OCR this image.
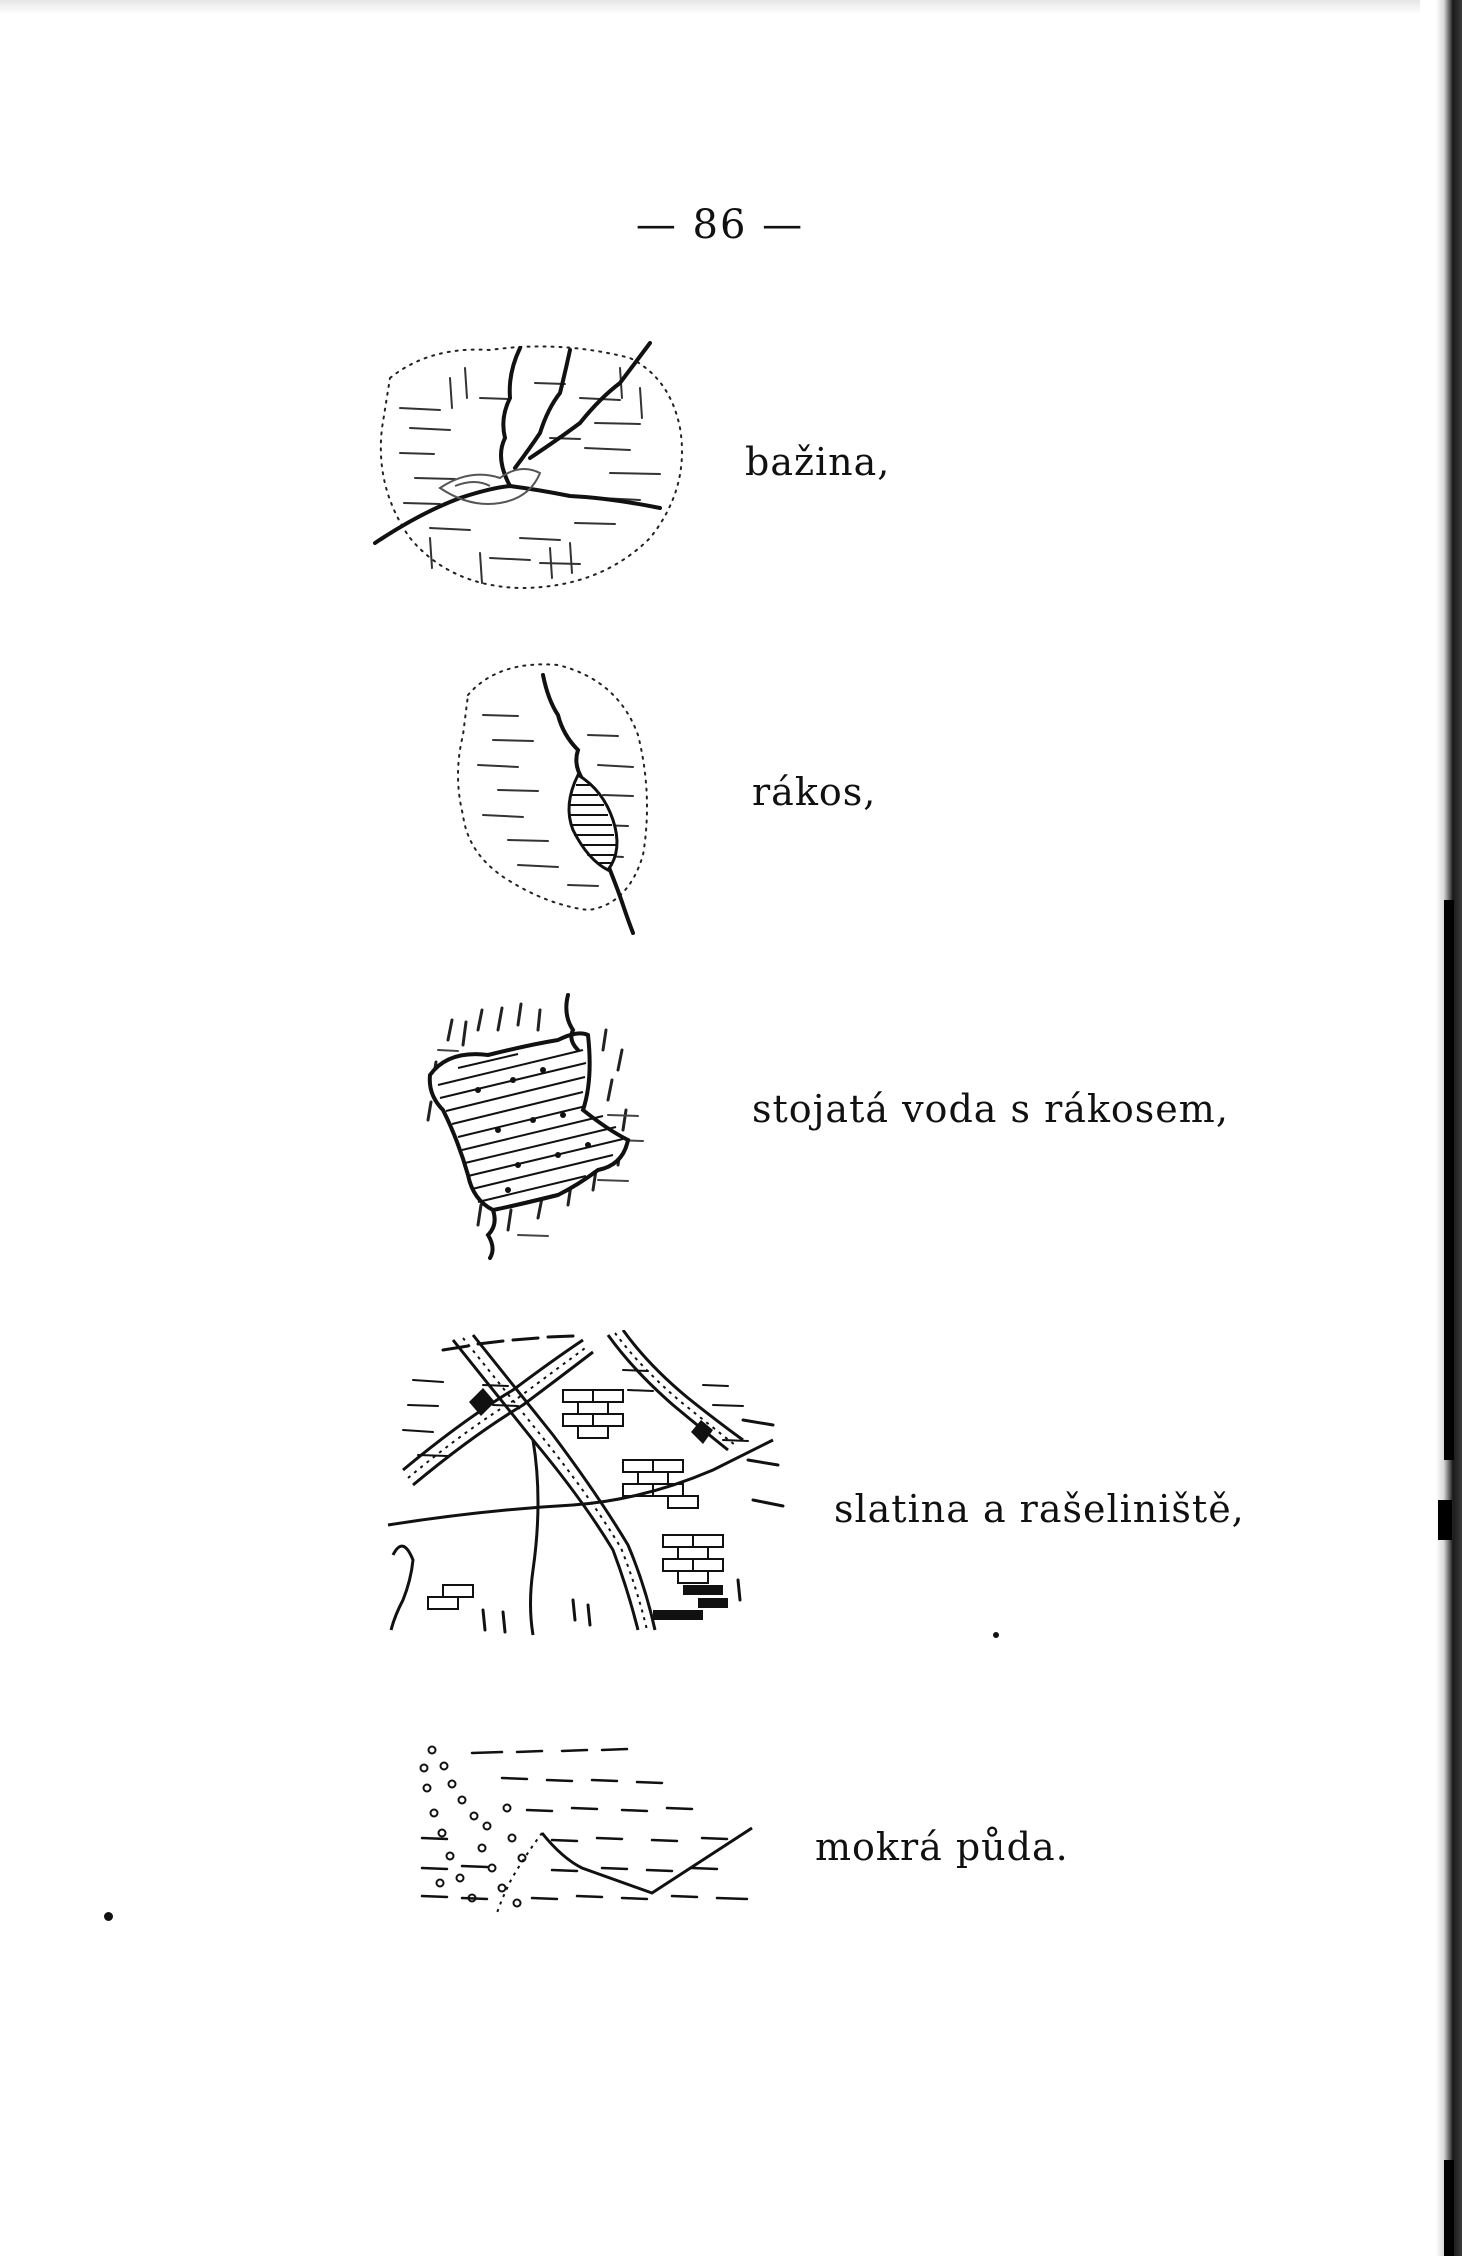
— 86 —
bažina,
rákos,
stojatá voda s rákosem,
slatina a rašeliniště,
mokrá půda.
